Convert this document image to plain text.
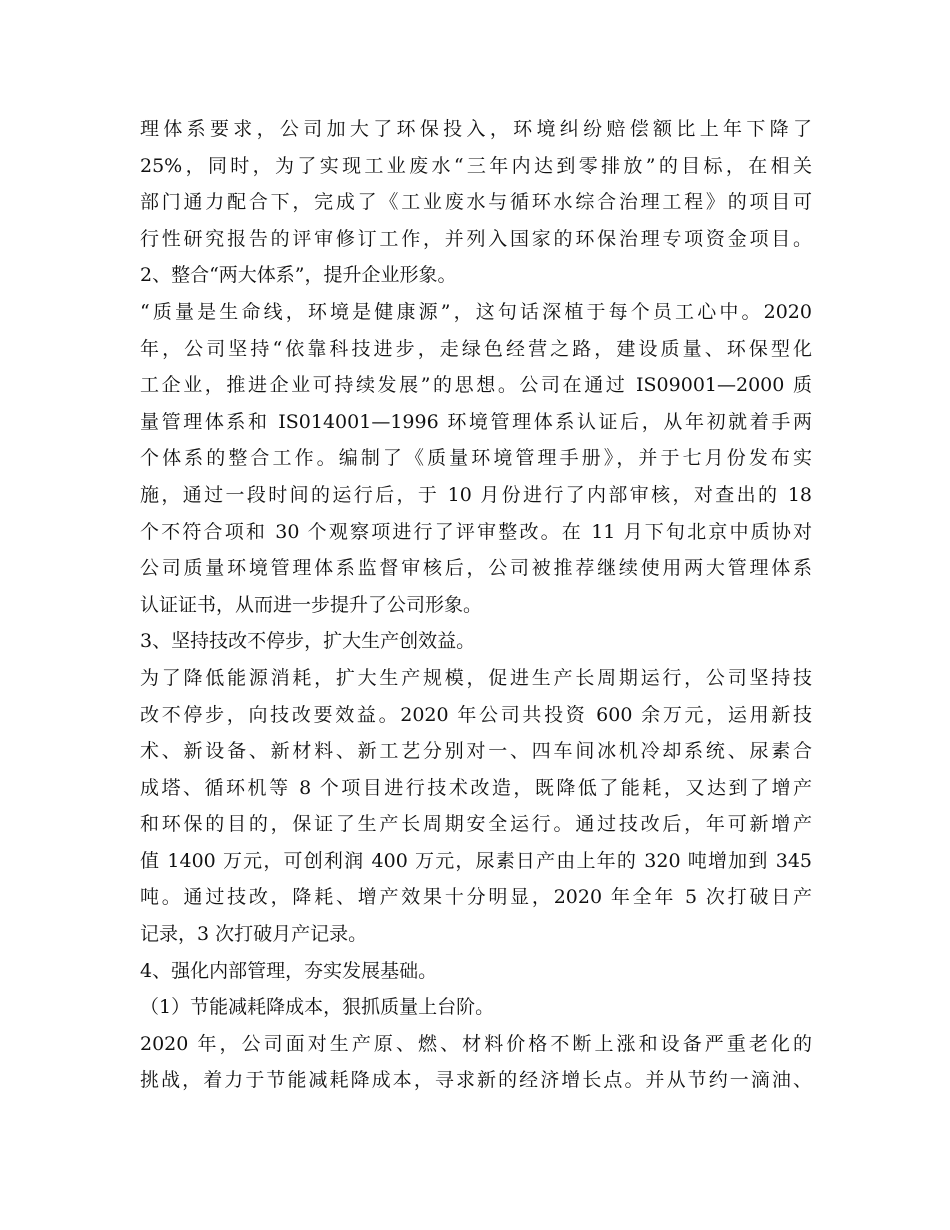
理体系要求，公司加大了环保投入，环境纠纷赔偿额比上年下降了
25%，同时，为了实现工业废水“三年内达到零排放”的目标，在相关
部门通力配合下，完成了《工业废水与循环水综合治理工程》的项目可
行性研究报告的评审修订工作，并列入国家的环保治理专项资金项目。
2、整合“两大体系”，提升企业形象。
“质量是生命线，环境是健康源”，这句话深植于每个员工心中。2020
年，公司坚持“依靠科技进步，走绿色经营之路，建设质量、环保型化
工企业，推进企业可持续发展”的思想。公司在通过 IS09001—2000 质
量管理体系和 IS014001—1996 环境管理体系认证后，从年初就着手两
个体系的整合工作。编制了《质量环境管理手册》，并于七月份发布实
施，通过一段时间的运行后，于 10 月份进行了内部审核，对查出的 18
个不符合项和 30 个观察项进行了评审整改。在 11 月下旬北京中质协对
公司质量环境管理体系监督审核后，公司被推荐继续使用两大管理体系
认证证书，从而进一步提升了公司形象。
3、坚持技改不停步，扩大生产创效益。
为了降低能源消耗，扩大生产规模，促进生产长周期运行，公司坚持技
改不停步，向技改要效益。2020 年公司共投资 600 余万元，运用新技
术、新设备、新材料、新工艺分别对一、四车间冰机冷却系统、尿素合
成塔、循环机等 8 个项目进行技术改造，既降低了能耗，又达到了增产
和环保的目的，保证了生产长周期安全运行。通过技改后，年可新增产
值 1400 万元，可创利润 400 万元，尿素日产由上年的 320 吨增加到 345
吨。通过技改，降耗、增产效果十分明显，2020 年全年 5 次打破日产
记录，3 次打破月产记录。
4、强化内部管理，夯实发展基础。
（1）节能减耗降成本，狠抓质量上台阶。
2020 年，公司面对生产原、燃、材料价格不断上涨和设备严重老化的
挑战，着力于节能减耗降成本，寻求新的经济增长点。并从节约一滴油、
